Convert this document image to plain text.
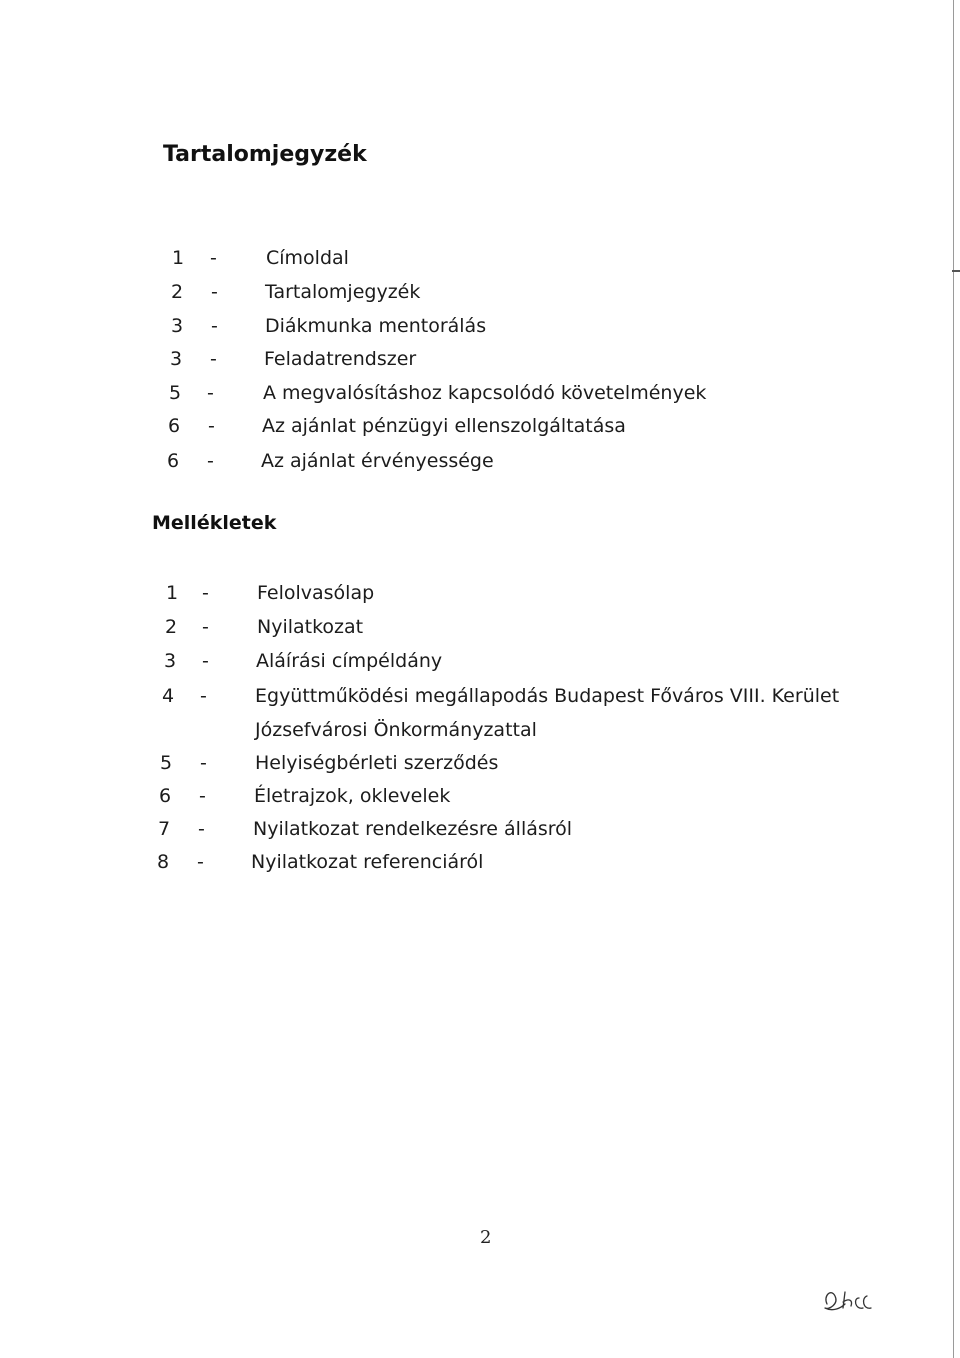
Tartalomjegyzék
1 -	Címoldal
2 - Tartalomjegyzék
3 - Diákmunka mentorálás
3 - Feladatrendszer
5 -	A megvalósításhoz kapcsolódó követelmények
6 - Az ajánlat pénzügyi ellenszolgáltatása
6 - Az ajánlat érvényessége
Mellékletek
1 -	Felolvasólap
2 -	Nyilatkozat
3 - Aláírási címpéldány
4 -	Együttműködési megállapodás Budapest Főváros VIII. Kerület
Józsefvárosi Önkormányzattal
5 -	Helyiségbérleti szerződés
6 -	Életrajzok, oklevelek
7 -	Nyilatkozat rendelkezésre állásról
8 - Nyilatkozat referenciáról
2
